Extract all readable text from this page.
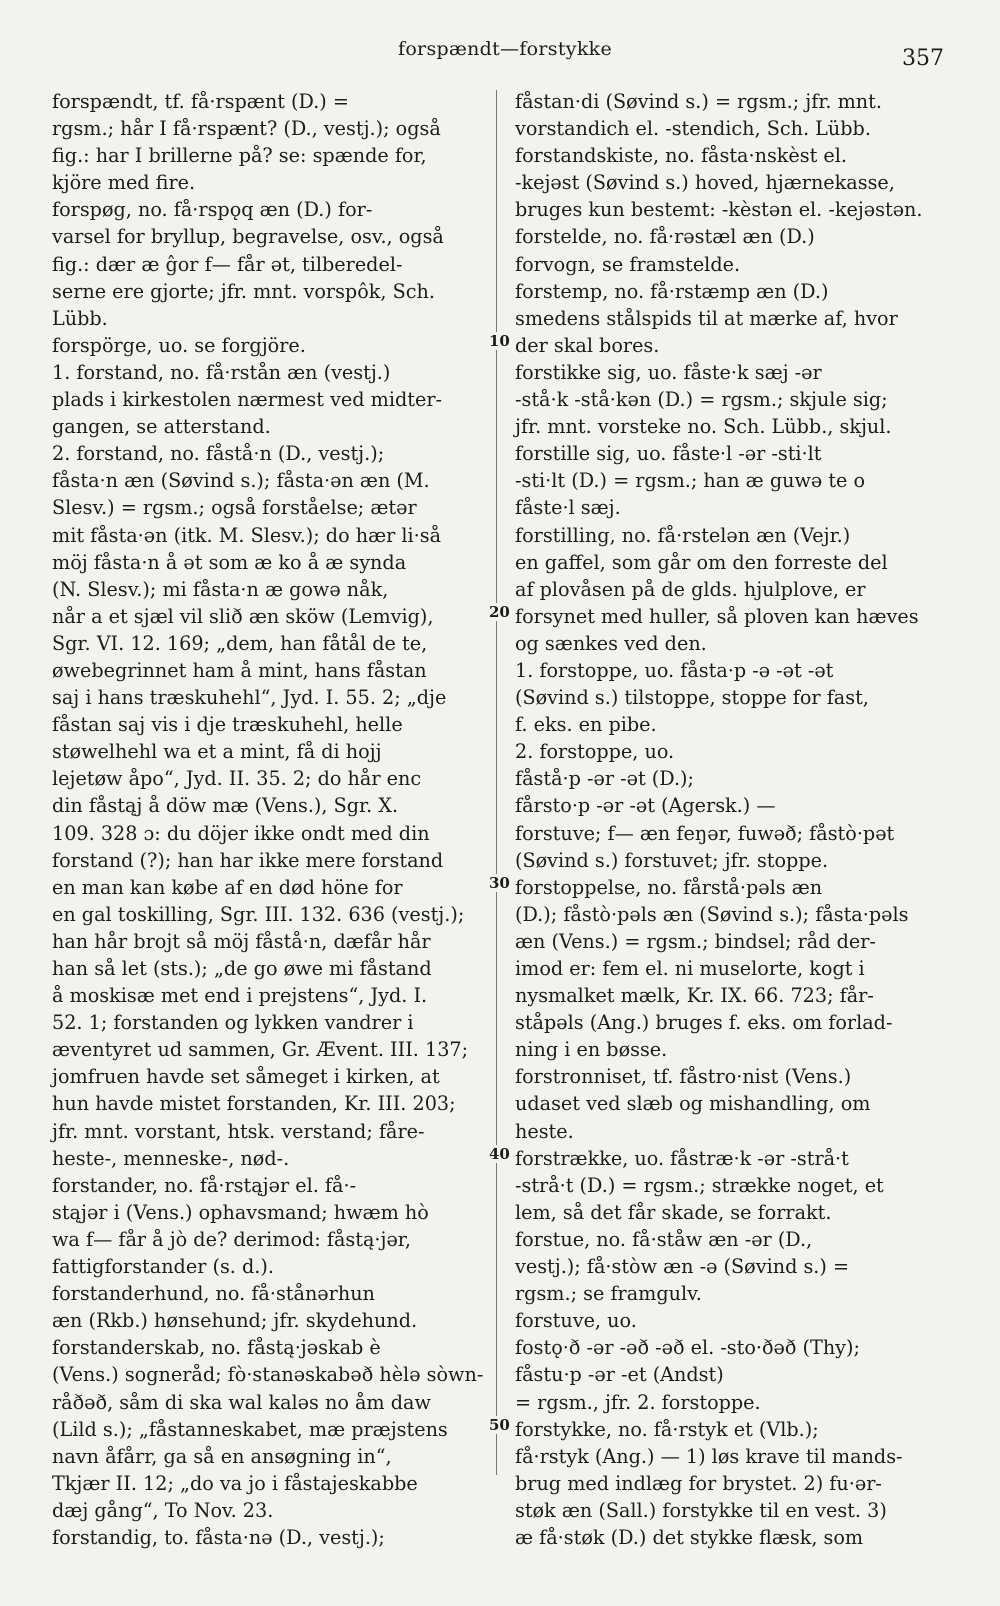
forspændt—forstykke	357
forspændt, tf. få·rspænt (D.) =
rgsm.; hår I få·rspænt? (D., vestj.); også
fig.: har I brillerne på? se: spænde for,
kjöre med fire.
forspøg, no. få·rspǫq æn (D.) for-
varsel for bryllup, begravelse, osv., også
fig.: dær æ ĝor f— får ət, tilberedel-
serne ere gjorte; jfr. mnt. vorspôk, Sch.
Lübb.
forspörge, uo. se forgjöre.
1. forstand, no. få·rstån æn (vestj.)
plads i kirkestolen nærmest ved midter-
gangen, se atterstand.
2. forstand, no. fåstå·n (D., vestj.);
fåsta·n æn (Søvind s.); fåsta·ən æn (M.
Slesv.) = rgsm.; også forståelse; ætər
mit fåsta·ən (itk. M. Slesv.); do hær li·så
möj fåsta·n å ət som æ ko å æ synda
(N. Slesv.); mi fåsta·n æ gowə nåk,
når a et sjæl vil slið æn sköw (Lemvig),
Sgr. VI. 12. 169; „dem, han fåtål de te,
øwebegrinnet ham å mint, hans fåstan
saj i hans træskuhehl“, Jyd. I. 55. 2; „dje
fåstan saj vis i dje træskuhehl, helle
støwelhehl wa et a mint, få di hojj
lejetøw åpo“, Jyd. II. 35. 2; do hår enc
din fåstąj å döw mæ (Vens.), Sgr. X.
109. 328 ɔ: du döjer ikke ondt med din
forstand (?); han har ikke mere forstand
en man kan købe af en død höne for
en gal toskilling, Sgr. III. 132. 636 (vestj.);
han hår brojt så möj fåstå·n, dæfår hår
han så let (sts.); „de go øwe mi fåstand
å moskisæ met end i prejstens“, Jyd. I.
52. 1; forstanden og lykken vandrer i
æventyret ud sammen, Gr. Ævent. III. 137;
jomfruen havde set såmeget i kirken, at
hun havde mistet forstanden, Kr. III. 203;
jfr. mnt. vorstant, htsk. verstand; fåre-
heste-, menneske-, nød-.
forstander, no. få·rstąjər el. få·-
stąjər i (Vens.) ophavsmand; hwæm hò
wa f— får å jò de? derimod: fåstą·jər,
fattigforstander (s. d.).
forstanderhund, no. få·stånərhun
æn (Rkb.) hønsehund; jfr. skydehund.
forstanderskab, no. fåstą·jəskab è
(Vens.) sogneråd; fò·stanəskabəð hèlə sòwn-
råðəð, såm di ska wal kaləs no åm daw
(Lild s.); „fåstanneskabet, mæ præjstens
navn åfårr, ga så en ansøgning in“,
Tkjær II. 12; „do va jo i fåstajeskabbe
dæj gång“, To Nov. 23.
forstandig, to. fåsta·nə (D., vestj.);
fåstan·di (Søvind s.) = rgsm.; jfr. mnt.
vorstandich el. -stendich, Sch. Lübb.
forstandskiste, no. fåsta·nskèst el.
-kejəst (Søvind s.) hoved, hjærnekasse,
bruges kun bestemt: -kèstən el. -kejəstən.
forstelde, no. få·rəstæl æn (D.)
forvogn, se framstelde.
forstemp, no. få·rstæmp æn (D.)
smedens stålspids til at mærke af, hvor
der skal bores.
forstikke sig, uo. fåste·k sæj -ər
-stå·k -stå·kən (D.) = rgsm.; skjule sig;
jfr. mnt. vorsteke no. Sch. Lübb., skjul.
forstille sig, uo. fåste·l -ər -sti·lt
-sti·lt (D.) = rgsm.; han æ guwə te o
fåste·l sæj.
forstilling, no. få·rstelən æn (Vejr.)
en gaffel, som går om den forreste del
af plovåsen på de glds. hjulplove, er
forsynet med huller, så ploven kan hæves
og sænkes ved den.
1. forstoppe, uo. fåsta·p -ə -ət -ət
(Søvind s.) tilstoppe, stoppe for fast,
f. eks. en pibe.
2. forstoppe, uo.
fåstå·p -ər -ət (D.);
fårsto·p -ər -ət (Agersk.) —
forstuve; f— æn feŋər, fuwəð; fåstò·pət
(Søvind s.) forstuvet; jfr. stoppe.
forstoppelse, no. fårstå·pəls æn
(D.); fåstò·pəls æn (Søvind s.); fåsta·pəls
æn (Vens.) = rgsm.; bindsel; råd der-
imod er: fem el. ni muselorte, kogt i
nysmalket mælk, Kr. IX. 66. 723; får-
ståpəls (Ang.) bruges f. eks. om forlad-
ning i en bøsse.
forstronniset, tf. fåstro·nist (Vens.)
udaset ved slæb og mishandling, om
heste.
forstrække, uo. fåstræ·k -ər -strå·t
-strå·t (D.) = rgsm.; strække noget, et
lem, så det får skade, se forrakt.
forstue, no. få·ståw æn -ər (D.,
vestj.); få·stòw æn -ə (Søvind s.) =
rgsm.; se framgulv.
forstuve, uo.
fostǫ·ð -ər -əð -əð el. -sto·ðəð (Thy);
fåstu·p -ər -et (Andst)
= rgsm., jfr. 2. forstoppe.
forstykke, no. få·rstyk et (Vlb.);
få·rstyk (Ang.) — 1) løs krave til mands-
brug med indlæg for brystet. 2) fu·ər-
støk æn (Sall.) forstykke til en vest. 3)
æ få·støk (D.) det stykke flæsk, som
10
20
30
40
50
